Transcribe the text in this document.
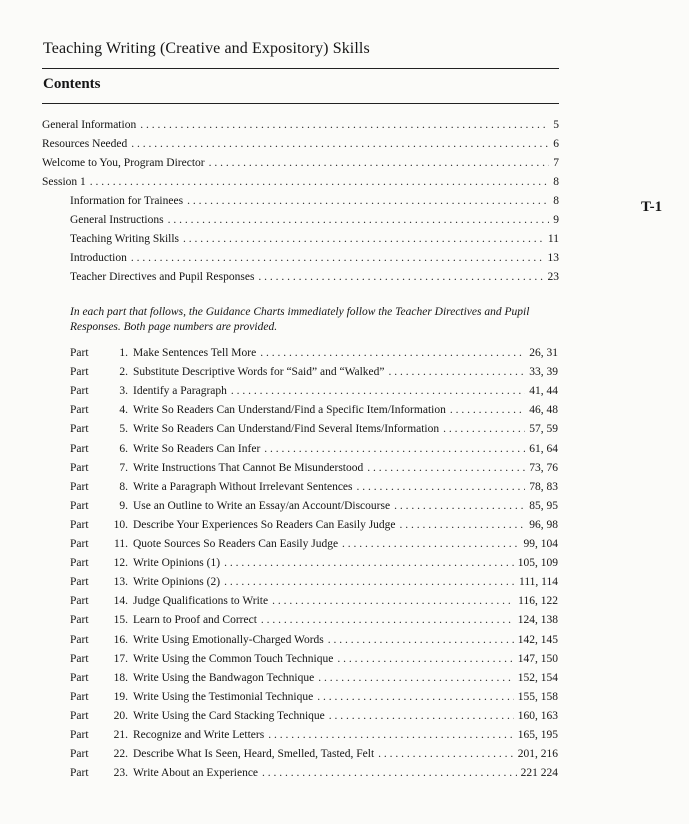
Teaching Writing (Creative and Expository) Skills
Contents
T-1
General Information . . .	5
Resources Needed . . .	6
Welcome to You, Program Director . . .	7
Session 1 . . .	8
Information for Trainees . . .	8
General Instructions . . .	9
Teaching Writing Skills . . .	11
Introduction . . .	13
Teacher Directives and Pupil Responses . . .	23
Part	1. Make Sentences Tell More . . .	26, 31
Part	2. Substitute Descriptive Words for “Said” and “Walked” . . .	33, 39
Part	3. Identify a Paragraph . . .	41, 44
Part	4. Write So Readers Can Understand/Find a Specific Item/Information . . .	46, 48
Part	5. Write So Readers Can Understand/Find Several Items/Information . . .	57, 59
Part	6. Write So Readers Can Infer . . .	61, 64
Part	7. Write Instructions That Cannot Be Misunderstood . . .	73, 76
Part	8. Write a Paragraph Without Irrelevant Sentences . . .	78, 83
Part	9. Use an Outline to Write an Essay/an Account/Discourse . . .	85, 95
Part 10. Describe Your Experiences So Readers Can Easily Judge . . .	96, 98
Part 11. Quote Sources So Readers Can Easily Judge . . .	99, 104
Part 12. Write Opinions (1) . . .	105, 109
Part 13. Write Opinions (2) . . .	111, 114
Part 14. Judge Qualifications to Write . . .	116, 122
Part 15. Learn to Proof and Correct . . .	124, 138
Part 16. Write Using Emotionally-Charged Words . . .	142, 145
Part 17. Write Using the Common Touch Technique . . .	147, 150
Part 18. Write Using the Bandwagon Technique . . .	152, 154
Part 19. Write Using the Testimonial Technique . . .	155, 158
Part 20. Write Using the Card Stacking Technique . . .	160, 163
Part 21. Recognize and Write Letters . . .	165, 195
Part 22. Describe What Is Seen, Heard, Smelled, Tasted, Felt . . .	201, 216
Part 23. Write About an Experience . . .	221 224
In each part that follows, the Guidance Charts immediately follow the Teacher Directives and Pupil Responses. Both page numbers are provided.
